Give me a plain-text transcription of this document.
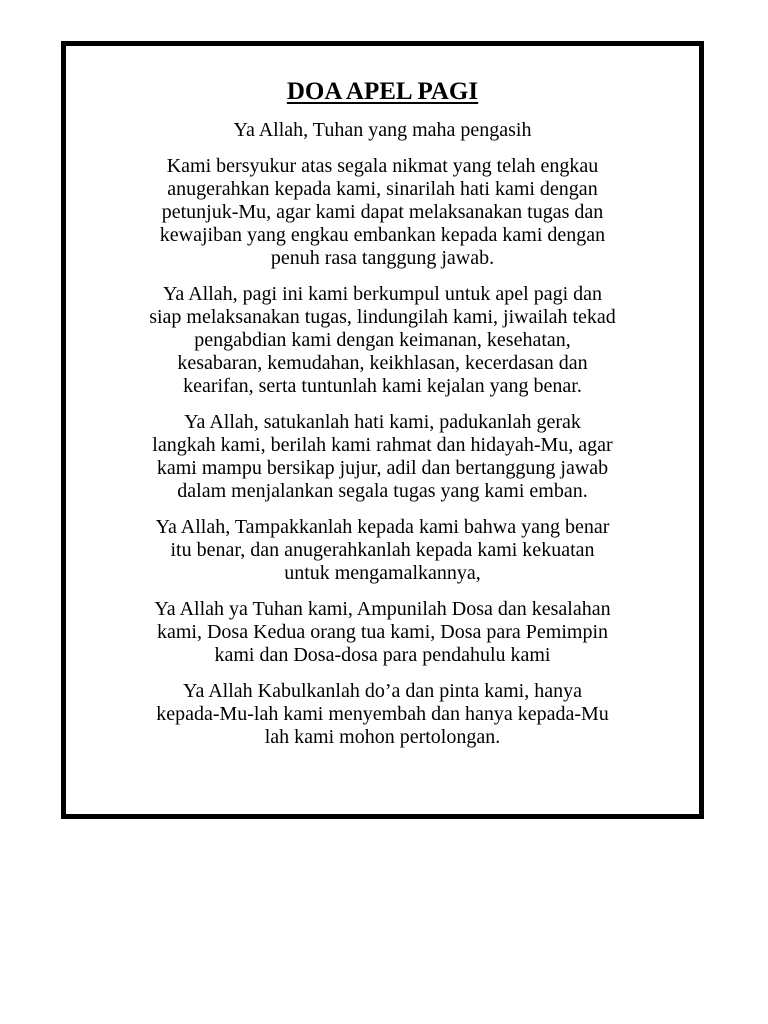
DOA APEL PAGI

Ya Allah, Tuhan yang maha pengasih

Kami bersyukur atas segala nikmat yang telah engkau
anugerahkan kepada kami, sinarilah hati kami dengan
petunjuk-Mu, agar kami dapat melaksanakan tugas dan
kewajiban yang engkau embankan kepada kami dengan
penuh rasa tanggung jawab.

Ya Allah, pagi ini kami berkumpul untuk apel pagi dan
siap melaksanakan tugas, lindungilah kami, jiwailah tekad
pengabdian kami dengan keimanan, kesehatan,
kesabaran, kemudahan, keikhlasan, kecerdasan dan
kearifan, serta tuntunlah kami kejalan yang benar.

Ya Allah, satukanlah hati kami, padukanlah gerak
langkah kami, berilah kami rahmat dan hidayah-Mu, agar
kami mampu bersikap jujur, adil dan bertanggung jawab
dalam menjalankan segala tugas yang kami emban.

Ya Allah, Tampakkanlah kepada kami bahwa yang benar
itu benar, dan anugerahkanlah kepada kami kekuatan
untuk mengamalkannya,

Ya Allah ya Tuhan kami, Ampunilah Dosa dan kesalahan
kami, Dosa Kedua orang tua kami, Dosa para Pemimpin
kami dan Dosa-dosa para pendahulu kami

Ya Allah Kabulkanlah do’a dan pinta kami, hanya
kepada-Mu-lah kami menyembah dan hanya kepada-Mu
lah kami mohon pertolongan.
